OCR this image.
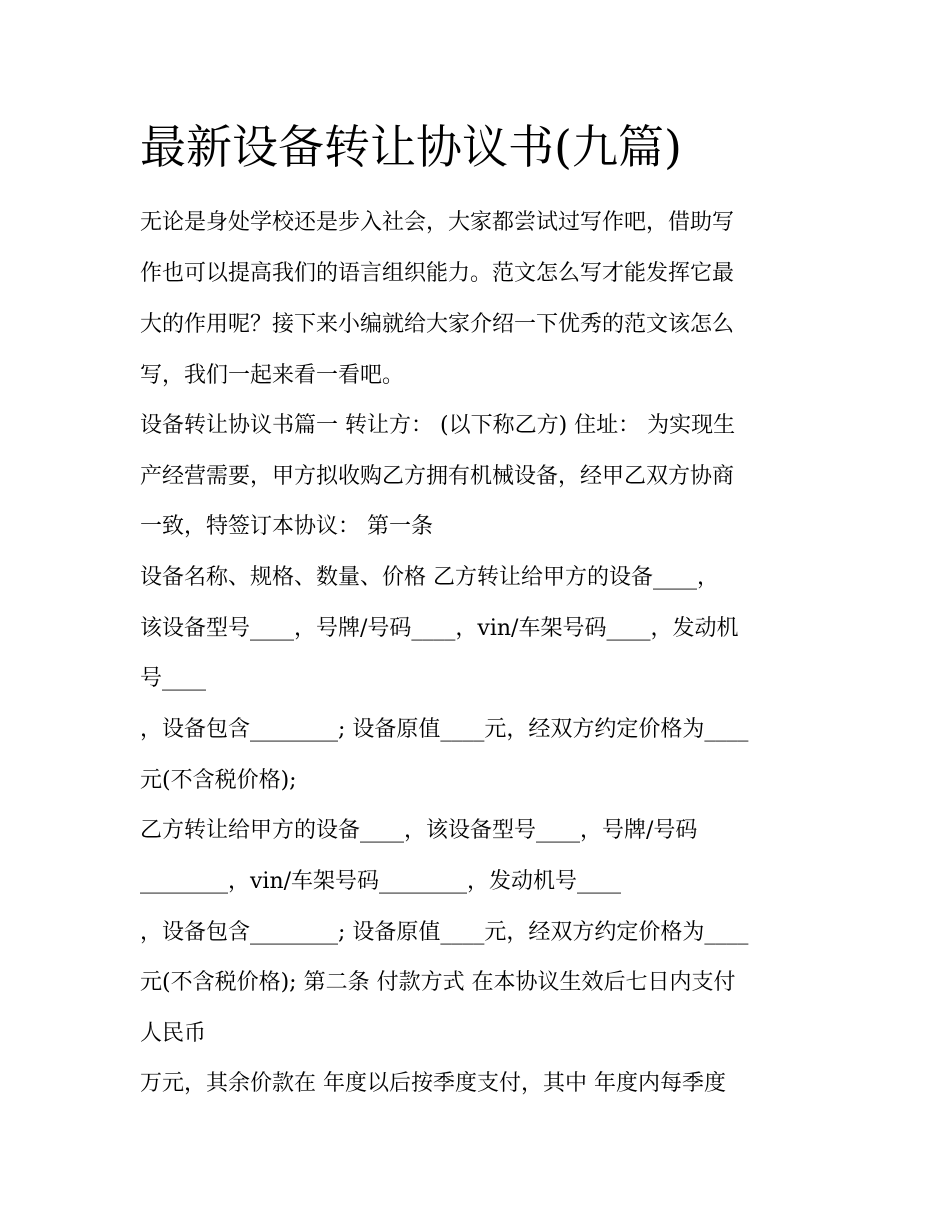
最新设备转让协议书(九篇)

无论是身处学校还是步入社会，大家都尝试过写作吧，借助写

作也可以提高我们的语言组织能力。范文怎么写才能发挥它最

大的作用呢？接下来小编就给大家介绍一下优秀的范文该怎么

写，我们一起来看一看吧。

设备转让协议书篇一 转让方： (以下称乙方) 住址： 为实现生

产经营需要，甲方拟收购乙方拥有机械设备，经甲乙双方协商

一致，特签订本协议： 第一条

设备名称、规格、数量、价格 乙方转让给甲方的设备____，

该设备型号____，号牌/号码____，vin/车架号码____，发动机

号____

，设备包含________; 设备原值____元，经双方约定价格为____

元(不含税价格);

乙方转让给甲方的设备____，该设备型号____，号牌/号码

________，vin/车架号码________，发动机号____

，设备包含________; 设备原值____元，经双方约定价格为____

元(不含税价格); 第二条 付款方式 在本协议生效后七日内支付

人民币

万元，其余价款在 年度以后按季度支付，其中 年度内每季度
